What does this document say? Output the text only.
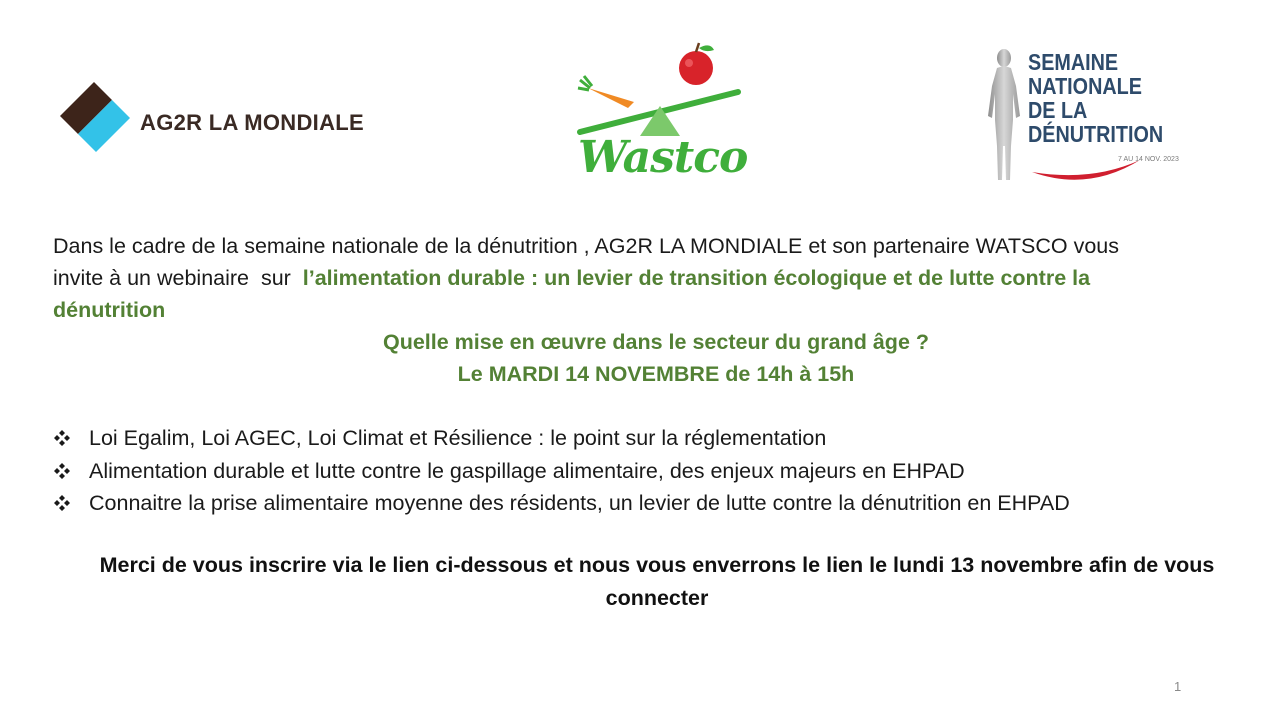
AG2R LA MONDIALE
Wastco
SEMAINE
NATIONALE
DE LA
DÉNUTRITION
7 AU 14 NOV. 2023
Dans le cadre de la semaine nationale de la dénutrition , AG2R LA MONDIALE et son partenaire WATSCO vous
invite à un webinaire  sur  l’alimentation durable : un levier de transition écologique et de lutte contre la
dénutrition
Quelle mise en œuvre dans le secteur du grand âge ?
Le MARDI 14 NOVEMBRE de 14h à 15h
Loi Egalim, Loi AGEC, Loi Climat et Résilience : le point sur la réglementation
Alimentation durable et lutte contre le gaspillage alimentaire, des enjeux majeurs en EHPAD
Connaitre la prise alimentaire moyenne des résidents, un levier de lutte contre la dénutrition en EHPAD
Merci de vous inscrire via le lien ci-dessous et nous vous enverrons le lien le lundi 13 novembre afin de vous
connecter
1
